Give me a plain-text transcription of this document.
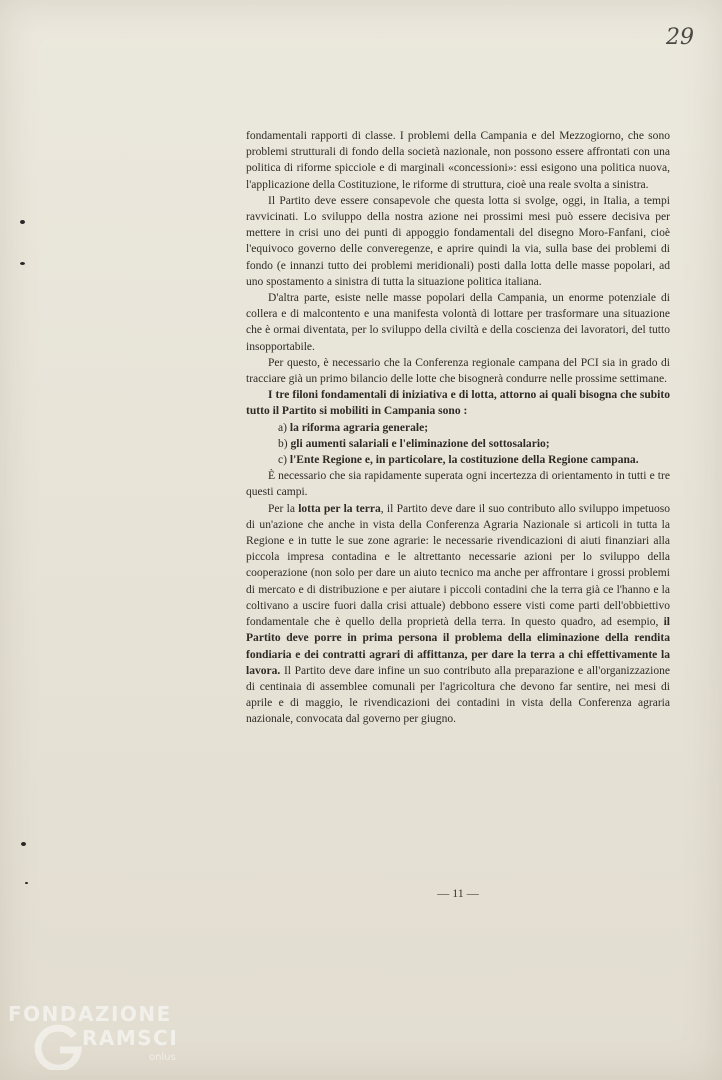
29

fondamentali rapporti di classe. I problemi della Campania e del Mezzogiorno, che sono problemi strutturali di fondo della società nazionale, non possono essere affrontati con una politica di riforme spicciole e di marginali «concessioni»: essi esigono una politica nuova, l'applicazione della Costituzione, le riforme di struttura, cioè una reale svolta a sinistra.

Il Partito deve essere consapevole che questa lotta si svolge, oggi, in Italia, a tempi ravvicinati. Lo sviluppo della nostra azione nei prossimi mesi può essere decisiva per mettere in crisi uno dei punti di appoggio fondamentali del disegno Moro-Fanfani, cioè l'equivoco governo delle converegenze, e aprire quindi la via, sulla base dei problemi di fondo (e innanzi tutto dei problemi meridionali) posti dalla lotta delle masse popolari, ad uno spostamento a sinistra di tutta la situazione politica italiana.

D'altra parte, esiste nelle masse popolari della Campania, un enorme potenziale di collera e di malcontento e una manifesta volontà di lottare per trasformare una situazione che è ormai diventata, per lo sviluppo della civiltà e della coscienza dei lavoratori, del tutto insopportabile.

Per questo, è necessario che la Conferenza regionale campana del PCI sia in grado di tracciare già un primo bilancio delle lotte che bisognerà condurre nelle prossime settimane.

I tre filoni fondamentali di iniziativa e di lotta, attorno ai quali bisogna che subito tutto il Partito si mobiliti in Campania sono :

a) la riforma agraria generale;

b) gli aumenti salariali e l'eliminazione del sottosalario;

c) l'Ente Regione e, in particolare, la costituzione della Regione campana.

È necessario che sia rapidamente superata ogni incertezza di orientamento in tutti e tre questi campi.

Per la lotta per la terra, il Partito deve dare il suo contributo allo sviluppo impetuoso di un'azione che anche in vista della Conferenza Agraria Nazionale si articoli in tutta la Regione e in tutte le sue zone agrarie: le necessarie rivendicazioni di aiuti finanziari alla piccola impresa contadina e le altrettanto necessarie azioni per lo sviluppo della cooperazione (non solo per dare un aiuto tecnico ma anche per affrontare i grossi problemi di mercato e di distribuzione e per aiutare i piccoli contadini che la terra già ce l'hanno e la coltivano a uscire fuori dalla crisi attuale) debbono essere visti come parti dell'obbiettivo fondamentale che è quello della proprietà della terra. In questo quadro, ad esempio, il Partito deve porre in prima persona il problema della eliminazione della rendita fondiaria e dei contratti agrari di affittanza, per dare la terra a chi effettivamente la lavora. Il Partito deve dare infine un suo contributo alla preparazione e all'organizzazione di centinaia di assemblee comunali per l'agricoltura che devono far sentire, nei mesi di aprile e di maggio, le rivendicazioni dei contadini in vista della Conferenza agraria nazionale, convocata dal governo per giugno.

— 11 —
FONDAZIONE
RAMSCI
onlus
